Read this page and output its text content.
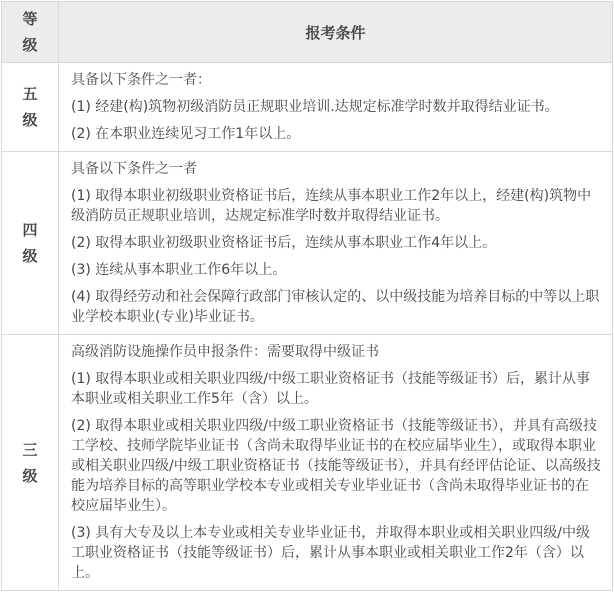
等级	报考条件
五级	具备以下条件之一者：

(1) 经建(构)筑物初级消防员正规职业培训.达规定标准学时数并取得结业证书。

(2) 在本职业连续见习工作1年以上。

四级	具备以下条件之一者

(1) 取得本职业初级职业资格证书后，连续从事本职业工作2年以上，经建(构)筑物中级消防员正规职业培训，达规定标准学时数并取得结业证书。

(2) 取得本职业初级职业资格证书后，连续从事本职业工作4年以上。

(3) 连续从事本职业工作6年以上。

(4) 取得经劳动和社会保障行政部门审核认定的、以中级技能为培养目标的中等以上职业学校本职业(专业)毕业证书。

三级	高级消防设施操作员申报条件：需要取得中级证书

(1) 取得本职业或相关职业四级/中级工职业资格证书（技能等级证书）后，累计从事本职业或相关职业工作5年（含）以上。

(2) 取得本职业或相关职业四级/中级工职业资格证书（技能等级证书），并具有高级技工学校、技师学院毕业证书（含尚未取得毕业证书的在校应届毕业生），或取得本职业或相关职业四级/中级工职业资格证书（技能等级证书），并具有经评估论证、以高级技能为培养目标的高等职业学校本专业或相关专业毕业证书（含尚未取得毕业证书的在校应届毕业生）。

(3) 具有大专及以上本专业或相关专业毕业证书，并取得本职业或相关职业四级/中级工职业资格证书（技能等级证书）后，累计从事本职业或相关职业工作2年（含）以上。
